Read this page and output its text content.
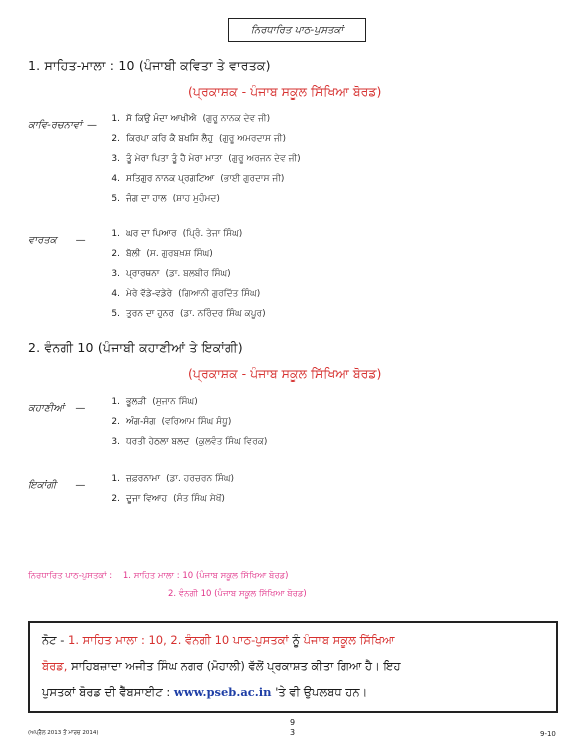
ਨਿਰਧਾਰਿਤ ਪਾਠ-ਪੁਸਤਕਾਂ
1. ਸਾਹਿਤ-ਮਾਲਾ : 10 (ਪੰਜਾਬੀ ਕਵਿਤਾ ਤੇ ਵਾਰਤਕ)
(ਪ੍ਰਕਾਸ਼ਕ - ਪੰਜਾਬ ਸਕੂਲ ਸਿੱਖਿਆ ਬੋਰਡ)
ਕਾਵਿ-ਰਚਨਾਵਾਂ —
1. ਸੋ ਕਿਉ ਮੰਦਾ ਆਖੀਐ (ਗੁਰੂ ਨਾਨਕ ਦੇਵ ਜੀ)
2. ਕਿਰਪਾ ਕਰਿ ਕੈ ਬਖਸਿ ਲੈਹੁ (ਗੁਰੂ ਅਮਰਦਾਸ ਜੀ)
3. ਤੂੰ ਮੇਰਾ ਪਿਤਾ ਤੂੰ ਹੈ ਮੇਰਾ ਮਾਤਾ (ਗੁਰੂ ਅਰਜਨ ਦੇਵ ਜੀ)
4. ਸਤਿਗੁਰ ਨਾਨਕ ਪ੍ਰਗਟਿਆ (ਭਾਈ ਗੁਰਦਾਸ ਜੀ)
5. ਜੰਗ ਦਾ ਹਾਲ (ਸ਼ਾਹ ਮੁਹੰਮਦ)
ਵਾਰਤਕ —
1. ਘਰ ਦਾ ਪਿਆਰ (ਪ੍ਰਿੰ. ਤੇਜਾ ਸਿੰਘ)
2. ਬੋਲੀ (ਸ. ਗੁਰਬਖ਼ਸ਼ ਸਿੰਘ)
3. ਪ੍ਰਾਰਥਨਾ (ਡਾ. ਬਲਬੀਰ ਸਿੰਘ)
4. ਮੇਰੇ ਵੱਡੇ-ਵਡੇਰੇ (ਗਿਆਨੀ ਗੁਰਦਿੱਤ ਸਿੰਘ)
5. ਤੁਰਨ ਦਾ ਹੁਨਰ (ਡਾ. ਨਰਿੰਦਰ ਸਿੰਘ ਕਪੂਰ)
2. ਵੰਨਗੀ 10 (ਪੰਜਾਬੀ ਕਹਾਣੀਆਂ ਤੇ ਇਕਾਂਗੀ)
(ਪ੍ਰਕਾਸ਼ਕ - ਪੰਜਾਬ ਸਕੂਲ ਸਿੱਖਿਆ ਬੋਰਡ)
ਕਹਾਣੀਆਂ —
1. ਭੂਲੜੀ (ਸੁਜਾਨ ਸਿੰਘ)
2. ਅੰਗ-ਸੰਗ (ਵਰਿਆਮ ਸਿੰਘ ਸੰਧੂ)
3. ਧਰਤੀ ਹੇਠਲਾ ਬਲਦ (ਕੁਲਵੰਤ ਸਿੰਘ ਵਿਰਕ)
ਇਕਾਂਗੀ —
1. ਜ਼ਫ਼ਰਨਾਮਾ (ਡਾ. ਹਰਚਰਨ ਸਿੰਘ)
2. ਦੂਜਾ ਵਿਆਹ (ਸੰਤ ਸਿੰਘ ਸੇਖੋਂ)
ਨਿਰਧਾਰਿਤ ਪਾਠ-ਪੁਸਤਕਾਂ : 1. ਸਾਹਿਤ ਮਾਲਾ : 10 (ਪੰਜਾਬ ਸਕੂਲ ਸਿੱਖਿਆ ਬੋਰਡ)
2. ਵੰਨਗੀ 10 (ਪੰਜਾਬ ਸਕੂਲ ਸਿੱਖਿਆ ਬੋਰਡ)
ਨੋਟ - 1. ਸਾਹਿਤ ਮਾਲਾ : 10, 2. ਵੰਨਗੀ 10 ਪਾਠ-ਪੁਸਤਕਾਂ ਨੂੰ ਪੰਜਾਬ ਸਕੂਲ ਸਿੱਖਿਆ
ਬੋਰਡ, ਸਾਹਿਬਜ਼ਾਦਾ ਅਜੀਤ ਸਿੰਘ ਨਗਰ (ਮੋਹਾਲੀ) ਵੱਲੋਂ ਪ੍ਰਕਾਸ਼ਤ ਕੀਤਾ ਗਿਆ ਹੈ। ਇਹ
ਪੁਸਤਕਾਂ ਬੋਰਡ ਦੀ ਵੈੱਬਸਾਈਟ : www.pseb.ac.in 'ਤੇ ਵੀ ਉਪਲਬਧ ਹਨ।
(ਅਪ੍ਰੈਲ 2013 ਤੋਂ ਮਾਰਚ 2014)
9
3	9-10
